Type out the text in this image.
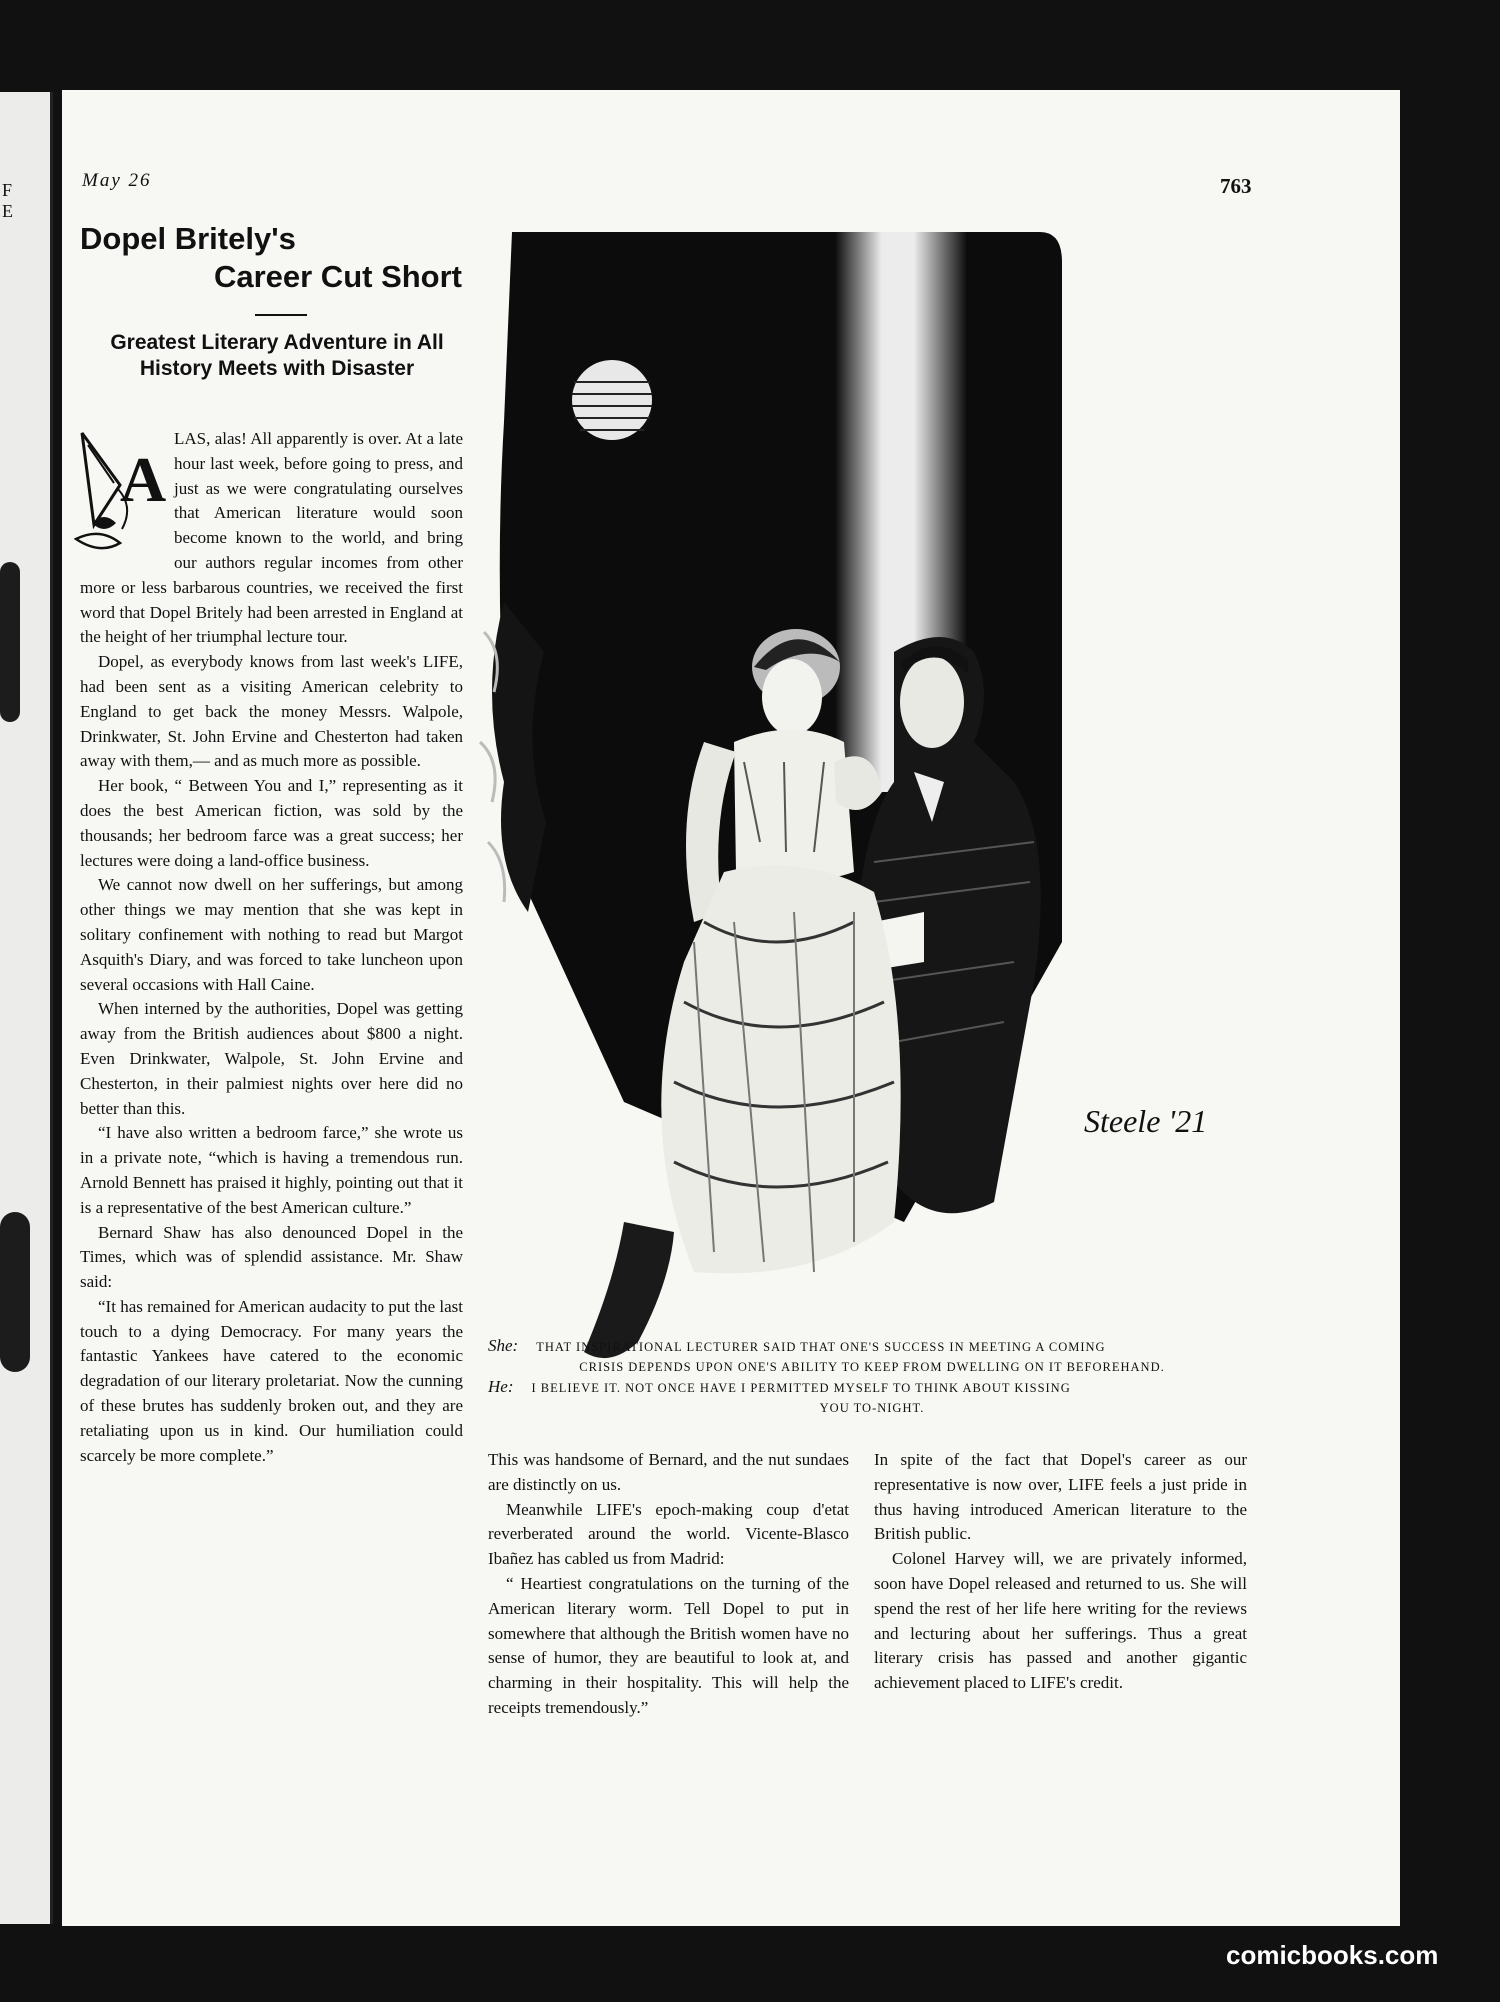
F E
May 26	763
Dopel Britely's
Career Cut Short
Greatest Literary Adventure in All History Meets with Disaster
A

LAS, alas! All apparently is over. At a late hour last week, before going to press, and just as we were congratulating ourselves that American literature would soon become known to the world, and bring our authors regular incomes from other more or less barbarous countries, we received the first word that Dopel Britely had been arrested in England at the height of her triumphal lecture tour.

Dopel, as everybody knows from last week's LIFE, had been sent as a visiting American celebrity to England to get back the money Messrs. Walpole, Drinkwater, St. John Ervine and Chesterton had taken away with them,— and as much more as possible.

Her book, “ Between You and I,” representing as it does the best American fiction, was sold by the thousands; her bedroom farce was a great success; her lectures were doing a land-office business.

We cannot now dwell on her sufferings, but among other things we may mention that she was kept in solitary confinement with nothing to read but Margot Asquith's Diary, and was forced to take luncheon upon several occasions with Hall Caine.

When interned by the authorities, Dopel was getting away from the British audiences about $800 a night. Even Drinkwater, Walpole, St. John Ervine and Chesterton, in their palmiest nights over here did no better than this.

“I have also written a bedroom farce,” she wrote us in a private note, “which is having a tremendous run. Arnold Bennett has praised it highly, pointing out that it is a representative of the best American culture.”

Bernard Shaw has also denounced Dopel in the Times, which was of splendid assistance. Mr. Shaw said:

“It has remained for American audacity to put the last touch to a dying Democracy. For many years the fantastic Yankees have catered to the economic degradation of our literary proletariat. Now the cunning of these brutes has suddenly broken out, and they are retaliating upon us in kind. Our humiliation could scarcely be more complete.”

Steele '21
She: THAT INSPIRATIONAL LECTURER SAID THAT ONE'S SUCCESS IN MEETING A COMING
CRISIS DEPENDS UPON ONE'S ABILITY TO KEEP FROM DWELLING ON IT BEFOREHAND.
He: I BELIEVE IT. NOT ONCE HAVE I PERMITTED MYSELF TO THINK ABOUT KISSING
YOU TO-NIGHT.

This was handsome of Bernard, and the nut sundaes are distinctly on us.

Meanwhile LIFE's epoch-making coup d'etat reverberated around the world. Vicente-Blasco Ibañez has cabled us from Madrid:

“ Heartiest congratulations on the turning of the American literary worm. Tell Dopel to put in somewhere that although the British women have no sense of humor, they are beautiful to look at, and charming in their hospitality. This will help the receipts tremendously.”

In spite of the fact that Dopel's career as our representative is now over, LIFE feels a just pride in thus having introduced American literature to the British public.

Colonel Harvey will, we are privately informed, soon have Dopel released and returned to us. She will spend the rest of her life here writing for the reviews and lecturing about her sufferings. Thus a great literary crisis has passed and another gigantic achievement placed to LIFE's credit.

comicbooks.com
